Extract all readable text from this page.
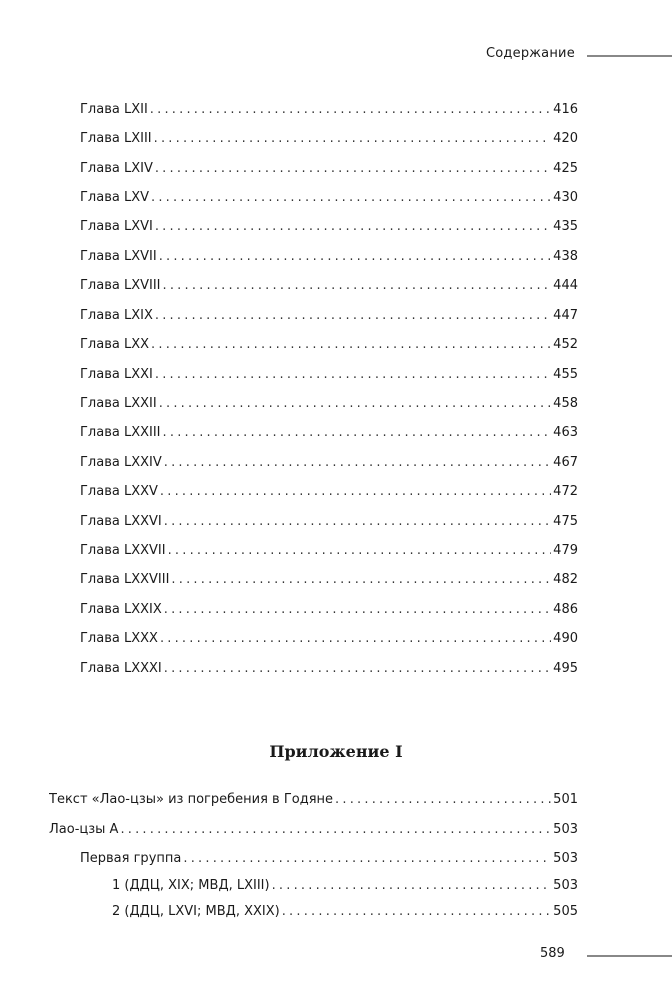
Содержание
Глава LXII .....	416
Глава LXIII .....	420
Глава LXIV .....	425
Глава LXV .....	430
Глава LXVI .....	435
Глава LXVII .....	438
Глава LXVIII .....	444
Глава LXIX .....	447
Глава LXX .....	452
Глава LXXI .....	455
Глава LXXII .....	458
Глава LXXIII .....	463
Глава LXXIV .....	467
Глава LXXV .....	472
Глава LXXVI .....	475
Глава LXXVII .....	479
Глава LXXVIII .....	482
Глава LXXIX .....	486
Глава LXXX .....	490
Глава LXXXI .....	495
Приложение I
Текст «Лао-цзы» из погребения в Годяне .....	501
Лао-цзы А .....	503
Первая группа .....	503
1 (ДДЦ, XIX; МВД, LXIII) .....	503
2 (ДДЦ, LXVI; МВД, XXIX) .....	505
589
